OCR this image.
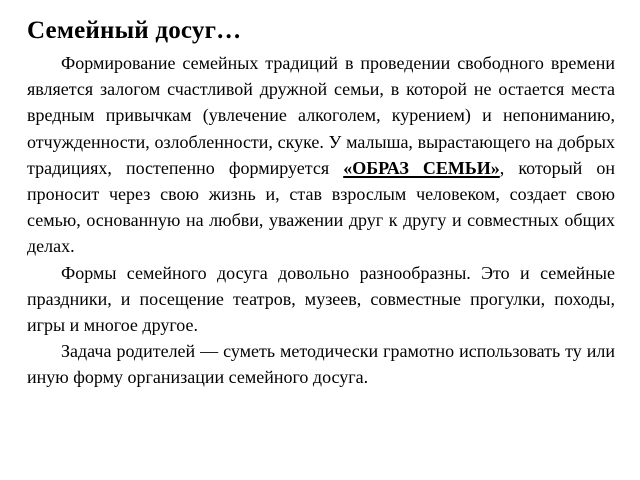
Семейный досуг…

Формирование семейных традиций в проведении свободного времени является залогом счастливой дружной семьи, в которой не остается места вредным привычкам (увлечение алкоголем, курением) и непониманию, отчужденности, озлобленности, скуке. У малыша, вырастающего на добрых традициях, постепенно формируется «ОБРАЗ СЕМЬИ», который он проносит через свою жизнь и, став взрослым человеком, создает свою семью, основанную на любви, уважении друг к другу и совместных общих делах.

Формы семейного досуга довольно разнообразны. Это и семейные праздники, и посещение театров, музеев, совместные прогулки, походы, игры и многое другое.

Задача родителей — суметь методически грамотно использовать ту или иную форму организации семейного досуга.
